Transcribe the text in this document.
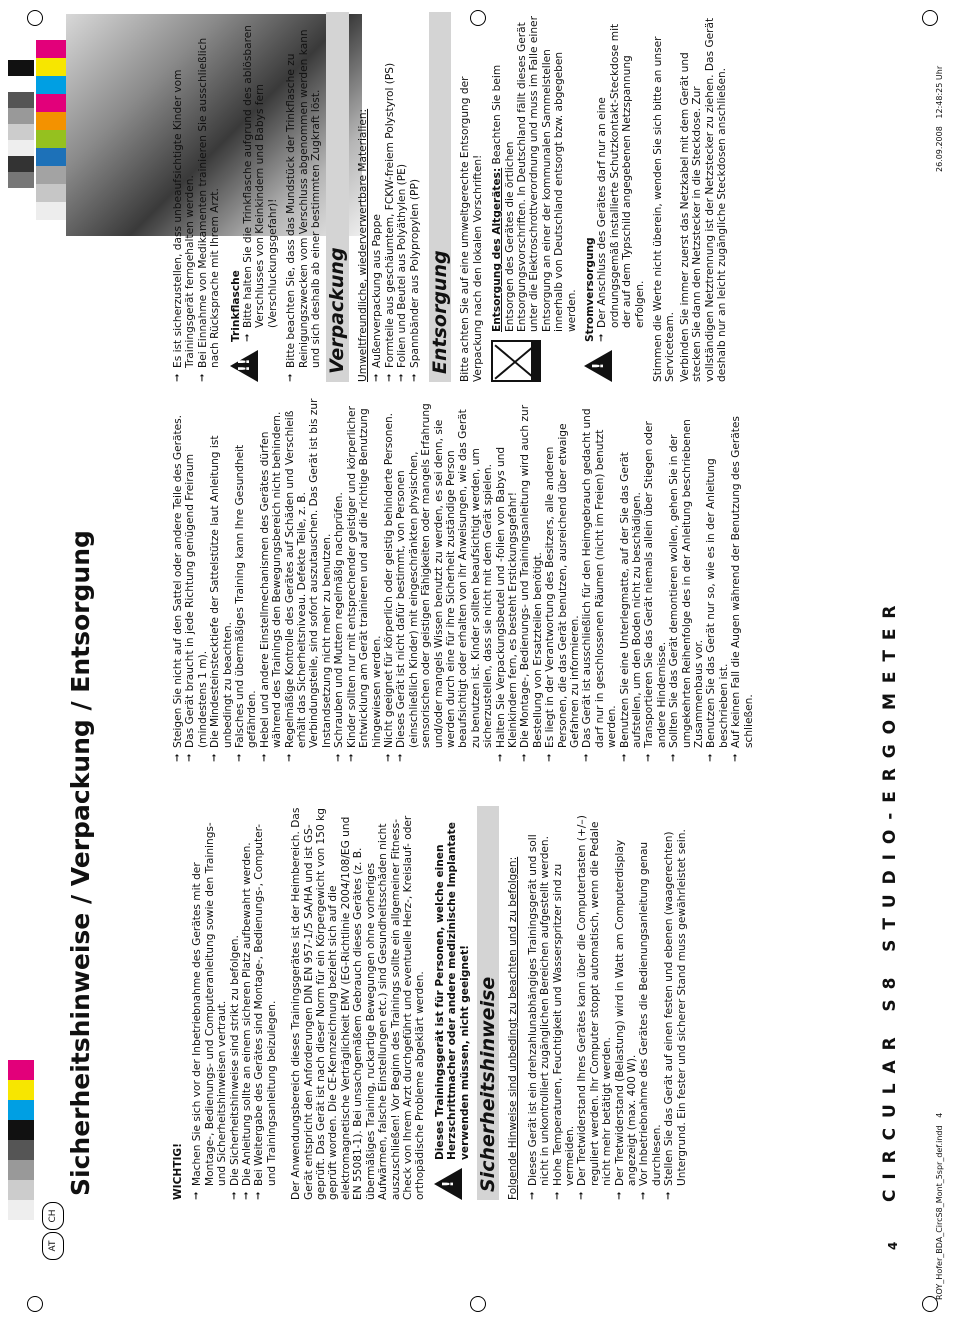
AT
CH
Sicherheitshinweise / Verpackung / Entsorgung
4
C I R C U L A R   S 8   S T U D I O - E R G O M E T E R
ROY_Hofer_BDA_CircS8_Mont_5spr_def.indd   4
26.09.2008   12:48:25 Uhr

WICHTIG! ➞
Machen Sie sich vor der Inbetriebnahme des Gerätes mit der Montage-, Bedienungs- und Computeranleitung sowie den Trainings- und Sicherheitshinweisen vertraut.
➞
Die Sicherheitshinweise sind strikt zu befolgen.
➞
Die Anleitung sollte an einem sicheren Platz aufbewahrt werden.
➞
Bei Weitergabe des Gerätes sind Montage-, Bedienungs-, Computer- und Trainingsanleitung beizulegen. Der Anwendungsbereich dieses Trainingsgerätes ist der Heimbereich. Das Gerät entspricht den Anforderungen DIN EN 957-1/5 SA/HA und ist GS-geprüft. Das Gerät ist nach dieser Norm für ein Körpergewicht von 150 kg geprüft worden. Die CE-Kennzeichnung bezieht sich auf die elektromagnetische Verträglichkeit EMV (EG-Richtlinie 2004/108/EG und EN 55081-1). Bei unsachgemäßem Gebrauch dieses Gerätes (z. B. übermäßiges Training, ruckartige Bewegungen ohne vorheriges Aufwärmen, falsche Einstellungen etc.) sind Gesundheitsschäden nicht auszuschließen! Vor Beginn des Trainings sollte ein allgemeiner Fitness-Check von Ihrem Arzt durchgeführt und eventuelle Herz-, Kreislauf- oder orthopädische Probleme abgeklärt werden. !
Dieses Trainingsgerät ist für Personen, welche einen Herzschrittmacher oder andere medizinische Implantate verwenden müssen, nicht geeignet! Sicherheitshinweise Folgende Hinweise sind unbedingt zu beachten und zu befolgen: ➞
Dieses Gerät ist ein drehzahlunabhängiges Trainingsgerät und soll nicht in unkontrolliert zugänglichen Bereichen aufgestellt werden.
➞
Hohe Temperaturen, Feuchtigkeit und Wasserspritzer sind zu vermeiden.
➞
Der Tretwiderstand Ihres Gerätes kann über die Computertasten (+/–) reguliert werden. Ihr Computer stoppt automatisch, wenn die Pedale nicht mehr betätigt werden.
➞
Der Tretwiderstand (Belastung) wird in Watt am Computerdisplay angezeigt (max. 400 W).
➞
Vor Inbetriebnahme des Gerätes die Bedienungsanleitung genau durchlesen.
➞
Stellen Sie das Gerät auf einen festen und ebenen (waagerechten) Untergrund. Ein fester und sicherer Stand muss gewährleistet sein.
➞
Steigen Sie nicht auf den Sattel oder andere Teile des Gerätes.
➞
Das Gerät braucht in jede Richtung genügend Freiraum (mindestens 1 m).
➞
Die Mindesteinstecktiefe der Sattelstütze laut Anleitung ist unbedingt zu beachten.
➞
Falsches und übermäßiges Training kann Ihre Gesundheit gefährden.
➞
Hebel und andere Einstellmechanismen des Gerätes dürfen während des Trainings den Bewegungsbereich nicht behindern.
➞
Regelmäßige Kontrolle des Gerätes auf Schäden und Verschleiß erhält das Sicherheitsniveau. Defekte Teile, z. B. Verbindungsteile, sind sofort auszutauschen. Das Gerät ist bis zur Instandsetzung nicht mehr zu benutzen.
➞
Schrauben und Muttern regelmäßig nachprüfen.
➞
Kinder sollten nur mit entsprechender geistiger und körperlicher Entwicklung am Gerät trainieren und auf die richtige Benutzung hingewiesen werden.
➞
Nicht geeignet für körperlich oder geistig behinderte Personen.
➞
Dieses Gerät ist nicht dafür bestimmt, von Personen (einschließlich Kinder) mit eingeschränkten physischen, sensorischen oder geistigen Fähigkeiten oder mangels Erfahrung und/oder mangels Wissen benutzt zu werden, es sei denn, sie werden durch eine für ihre Sicherheit zuständige Person beaufsichtigt oder erhalten von ihr Anweisungen, wie das Gerät zu benutzen ist. Kinder sollten beaufsichtigt werden, um sicherzustellen, dass sie nicht mit dem Gerät spielen.
➞
Halten Sie Verpackungsbeutel und -folien von Babys und Kleinkindern fern, es besteht Erstickungsgefahr!
➞
Die Montage-, Bedienungs- und Trainingsanleitung wird auch zur Bestellung von Ersatzteilen benötigt.
➞
Es liegt in der Verantwortung des Besitzers, alle anderen Personen, die das Gerät benutzen, ausreichend über etwaige Gefahren zu informieren.
➞
Das Gerät ist ausschließlich für den Heimgebrauch gedacht und darf nur in geschlossenen Räumen (nicht im Freien) benutzt werden.
➞
Benutzen Sie eine Unterlegmatte, auf der Sie das Gerät aufstellen, um den Boden nicht zu beschädigen.
➞
Transportieren Sie das Gerät niemals allein über Stiegen oder andere Hindernisse.
➞
Sollten Sie das Gerät demontieren wollen, gehen Sie in der umgekehrten Reihenfolge des in der Anleitung beschriebenen Zusammenbaus vor.
➞
Benutzen Sie das Gerät nur so, wie es in der Anleitung beschrieben ist.
➞
Auf keinen Fall die Augen während der Benutzung des Gerätes schließen.
➞
Es ist sicherzustellen, dass unbeaufsichtigte Kinder vom Trainingsgerät ferngehalten werden.
➞
Bei Einnahme von Medikamenten trainieren Sie ausschließlich nach Rücksprache mit Ihrem Arzt. !!
Trinkflasche ➞
Bitte halten Sie die Trinkflasche aufgrund des ablösbaren Verschlusses von Kleinkindern und Babys fern (Verschluckungsgefahr)!
➞
Bitte beachten Sie, dass das Mundstück der Trinkflasche zu Reinigungszwecken vom Verschluss abgenommen werden kann und sich deshalb ab einer bestimmten Zugkraft löst. Verpackung Umweltfreundliche, wiederverwertbare Materialien: ➞
Außenverpackung aus Pappe
➞
Formteile aus geschäumtem, FCKW-freiem Polystyrol (PS)
➞
Folien und Beutel aus Polyäthylen (PE)
➞
Spannbänder aus Polypropylen (PP) Entsorgung Bitte achten Sie auf eine umweltgerechte Entsorgung der Verpackung nach den lokalen Vorschriften! Entsorgung des Altgerätes: Beachten Sie beim Entsorgen des Gerätes die örtlichen Entsorgungsvorschriften. In Deutschland fällt dieses Gerät unter die Elektroschrottverordnung und muss im Falle einer Entsorgung an einer der kommunalen Sammelstellen innerhalb von Deutschland entsorgt bzw. abgegeben werden.
!
Stromversorgung ➞
Der Anschluss des Gerätes darf nur an eine ordnungsgemäß installierte Schutzkontakt-Steckdose mit der auf dem Typschild angegebenen Netzspannung erfolgen. Stimmen die Werte nicht überein, wenden Sie sich bitte an unser Serviceteam. Verbinden Sie immer zuerst das Netzkabel mit dem Gerät und stecken Sie dann den Netzstecker in die Steckdose. Zur vollständigen Netztrennung ist der Netzstecker zu ziehen. Das Gerät deshalb nur an leicht zugängliche Steckdosen anschließen.
